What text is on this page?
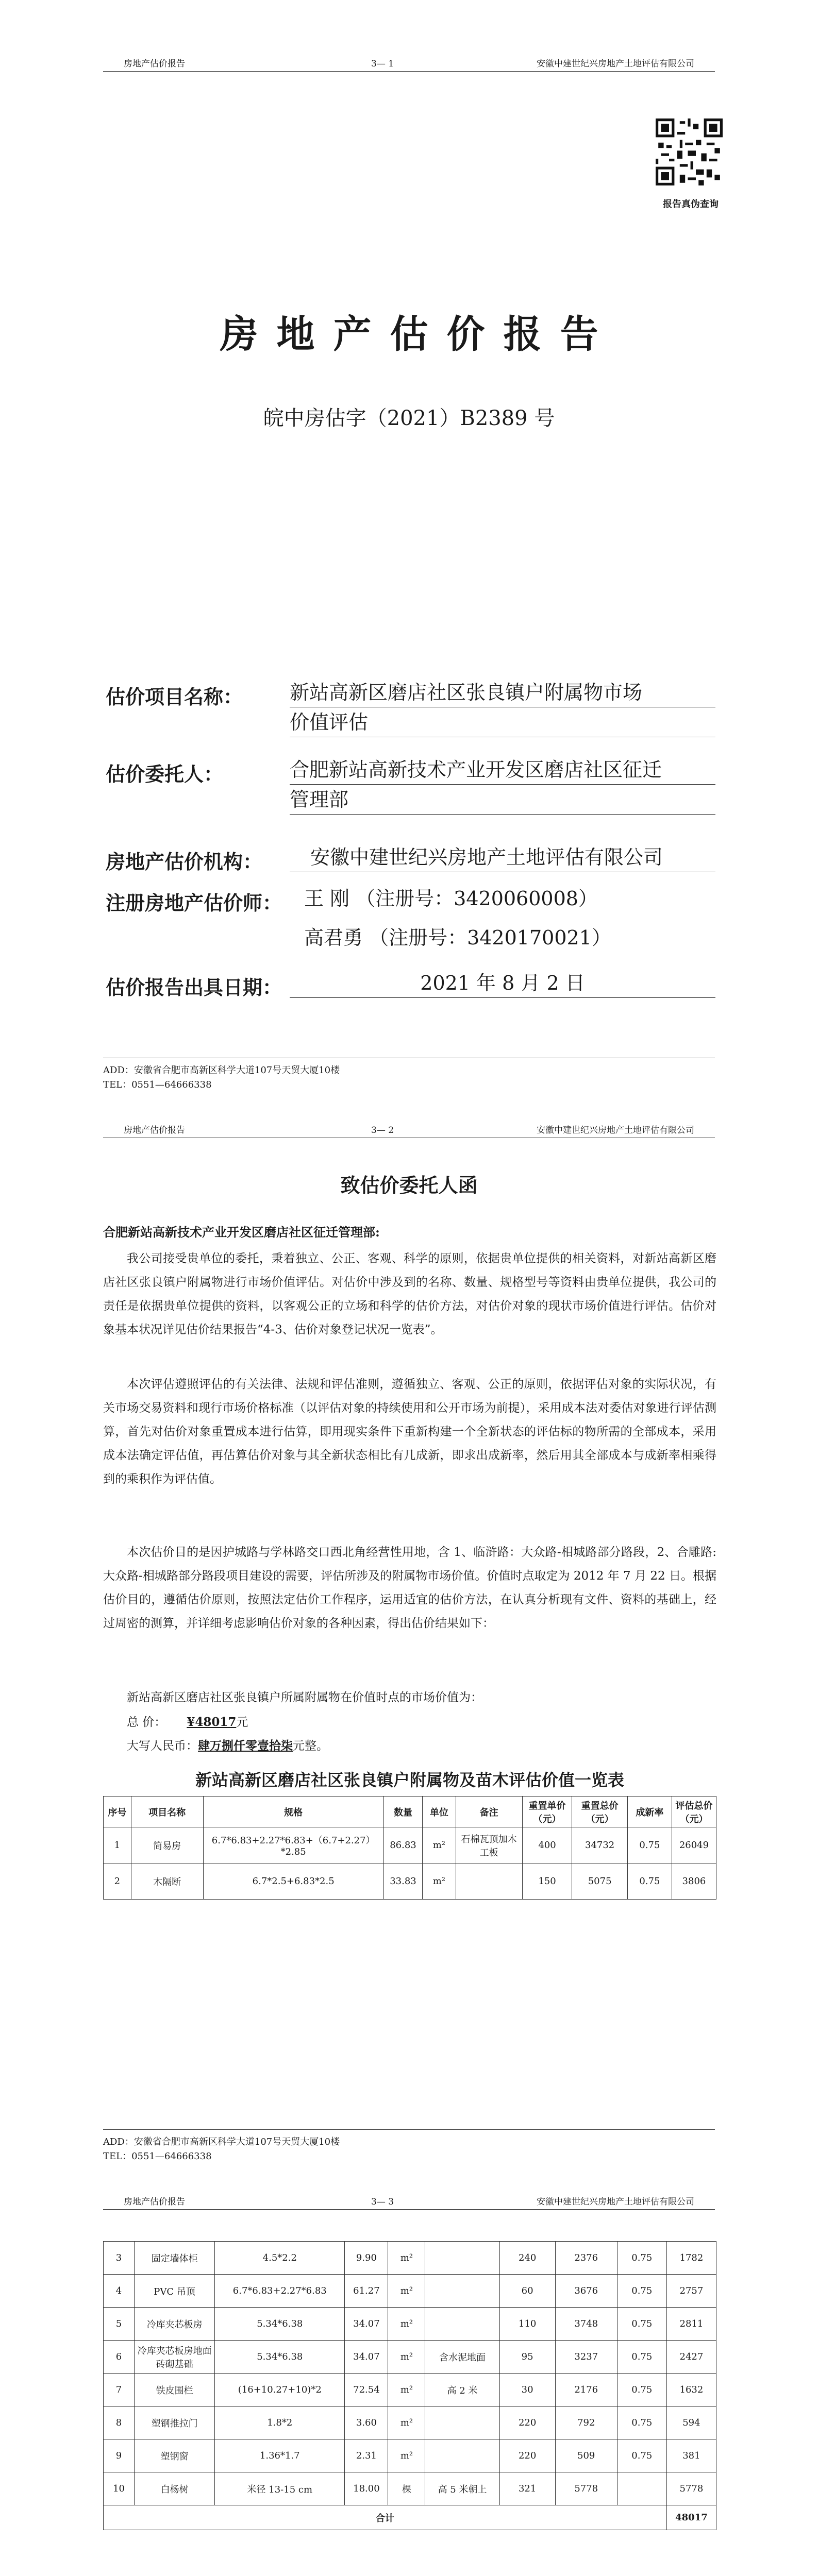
房地产估价报告	3— 1	安徽中建世纪兴房地产土地评估有限公司
报告真伪查询
房地产估价报告
皖中房估字（2021）B2389 号
估价项目名称： 新站高新区磨店社区张良镇户附属物市场
价值评估
估价委托人：	合肥新站高新技术产业开发区磨店社区征迁
管理部
房地产估价机构：	安徽中建世纪兴房地产土地评估有限公司
注册房地产估价师： 王 刚 （注册号：3420060008）
高君勇 （注册号：3420170021）
估价报告出具日期：	2021 年 8 月 2 日
ADD：安徽省合肥市高新区科学大道107号天贸大厦10楼
TEL：0551—64666338
房地产估价报告	3— 2	安徽中建世纪兴房地产土地评估有限公司
致估价委托人函
合肥新站高新技术产业开发区磨店社区征迁管理部:
我公司接受贵单位的委托，秉着独立、公正、客观、科学的原则，依据贵单位提供的相关资料，对新站高新区磨店社区张良镇户附属物进行市场价值评估。对估价中涉及到的名称、数量、规格型号等资料由贵单位提供，我公司的责任是依据贵单位提供的资料，以客观公正的立场和科学的估价方法，对估价对象的现状市场价值进行评估。估价对象基本状况详见估价结果报告“4-3、估价对象登记状况一览表”。
本次评估遵照评估的有关法律、法规和评估准则，遵循独立、客观、公正的原则，依据评估对象的实际状况，有关市场交易资料和现行市场价格标准（以评估对象的持续使用和公开市场为前提），采用成本法对委估对象进行评估测算，首先对估价对象重置成本进行估算，即用现实条件下重新构建一个全新状态的评估标的物所需的全部成本，采用成本法确定评估值，再估算估价对象与其全新状态相比有几成新，即求出成新率，然后用其全部成本与成新率相乘得到的乘积作为评估值。
本次估价目的是因护城路与学林路交口西北角经营性用地，含 1、临浒路：大众路-相城路部分路段，2、合雕路:大众路-相城路部分路段项目建设的需要，评估所涉及的附属物市场价值。价值时点取定为 2012 年 7 月 22 日。根据估价目的，遵循估价原则，按照法定估价工作程序，运用适宜的估价方法，在认真分析现有文件、资料的基础上，经过周密的测算，并详细考虑影响估价对象的各种因素，得出估价结果如下：
新站高新区磨店社区张良镇户所属附属物在价值时点的市场价值为：
总 价： ¥48017元
大写人民币：肆万捌仟零壹拾柒元整。
新站高新区磨店社区张良镇户附属物及苗木评估价值一览表
序号	项目名称	规格	数量	单位	备注	重置单价（元）	重置总价（元）	成新率	评估总价（元）
1	简易房	6.7*6.83+2.27*6.83+（6.7+2.27）*2.85	86.83	m²	石棉瓦顶加木工板	400	34732	0.75	26049
2	木隔断	6.7*2.5+6.83*2.5	33.83	m²		150	5075	0.75	3806
ADD：安徽省合肥市高新区科学大道107号天贸大厦10楼
TEL：0551—64666338
房地产估价报告	3— 3	安徽中建世纪兴房地产土地评估有限公司
3	固定墙体柜	4.5*2.2	9.90	m²		240	2376	0.75	1782
4	PVC 吊顶	6.7*6.83+2.27*6.83	61.27	m²		60	3676	0.75	2757
5	冷库夹芯板房	5.34*6.38	34.07	m²		110	3748	0.75	2811
6	冷库夹芯板房地面砖砌基础	5.34*6.38	34.07	m²	含水泥地面	95	3237	0.75	2427
7	铁皮围栏	(16+10.27+10)*2	72.54	m²	高 2 米	30	2176	0.75	1632
8	塑钢推拉门	1.8*2	3.60	m²		220	792	0.75	594
9	塑钢窗	1.36*1.7	2.31	m²		220	509	0.75	381
10	白杨树	米径 13-15 cm	18.00	棵	高 5 米朝上	321	5778		5778
合计									48017
